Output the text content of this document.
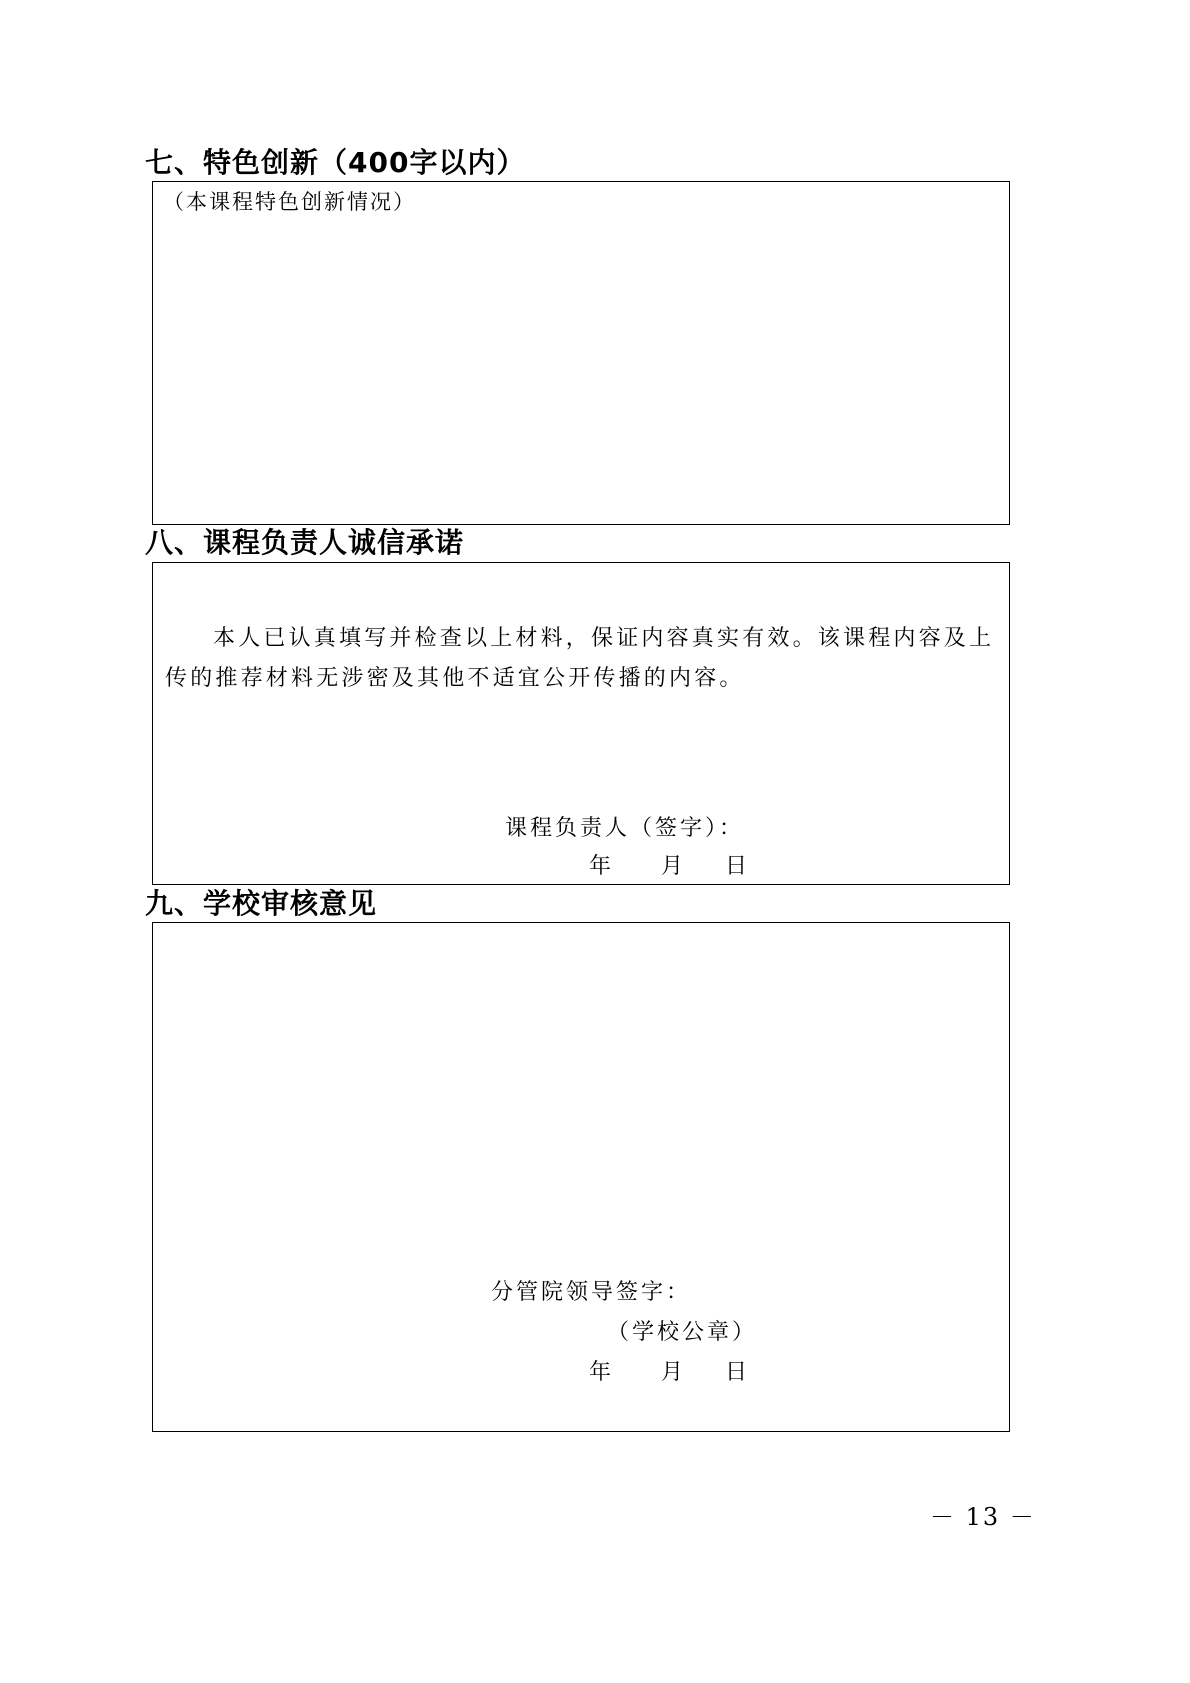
七、特色创新（400字以内）

（本课程特色创新情况）

八、课程负责人诚信承诺

本人已认真填写并检查以上材料，保证内容真实有效。该课程内容及上传的推荐材料无涉密及其他不适宜公开传播的内容。

课程负责人（签字）：

年 月 日
九、学校审核意见

分管院领导签字：

（学校公章）

年 月 日
－ 13 －
